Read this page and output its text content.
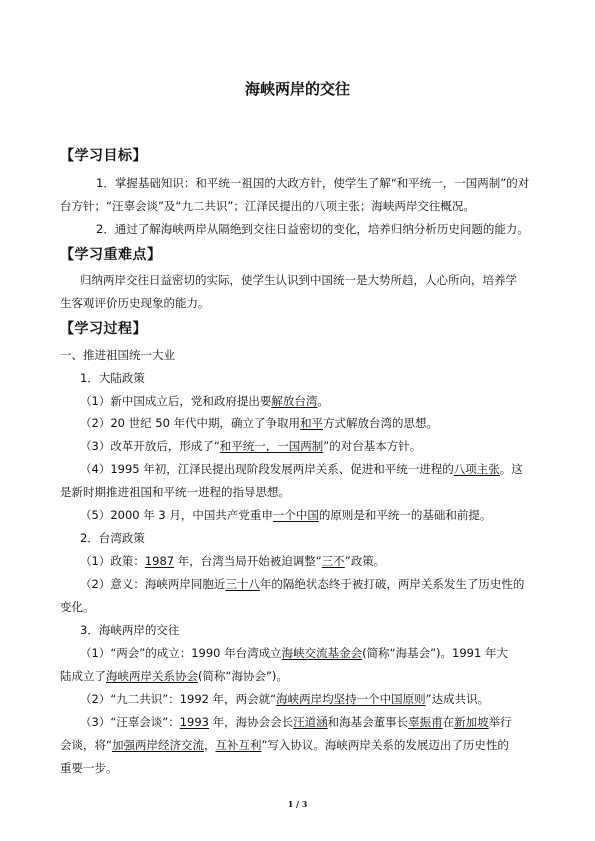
海峡两岸的交往
【学习目标】
1．掌握基础知识：和平统一祖国的大政方针，使学生了解“和平统一，一国两制”的对
台方针；“汪辜会谈”及“九二共识”；江泽民提出的八项主张；海峡两岸交往概况。
2．通过了解海峡两岸从隔绝到交往日益密切的变化，培养归纳分析历史问题的能力。
【学习重难点】
归纳两岸交往日益密切的实际，使学生认识到中国统一是大势所趋，人心所向，培养学
生客观评价历史现象的能力。
【学习过程】
一、推进祖国统一大业
1．大陆政策
（1）新中国成立后，党和政府提出要解放台湾。
（2）20 世纪 50 年代中期，确立了争取用和平方式解放台湾的思想。
（3）改革开放后，形成了“和平统一，一国两制”的对台基本方针。
（4）1995 年初，江泽民提出现阶段发展两岸关系、促进和平统一进程的八项主张。这
是新时期推进祖国和平统一进程的指导思想。
（5）2000 年 3 月，中国共产党重申一个中国的原则是和平统一的基础和前提。
2．台湾政策
（1）政策：1987 年，台湾当局开始被迫调整“三不”政策。
（2）意义：海峡两岸同胞近三十八年的隔绝状态终于被打破，两岸关系发生了历史性的
变化。
3．海峡两岸的交往
（1）“两会”的成立：1990 年台湾成立海峡交流基金会(简称“海基会”)。1991 年大
陆成立了海峡两岸关系协会(简称“海协会”)。
（2）“九二共识”：1992 年，两会就“海峡两岸均坚持一个中国原则”达成共识。
（3）“汪辜会谈”：1993 年，海协会会长汪道涵和海基会董事长辜振甫在新加坡举行
会谈，将“加强两岸经济交流，互补互利”写入协议。海峡两岸关系的发展迈出了历史性的
重要一步。
1 / 3
